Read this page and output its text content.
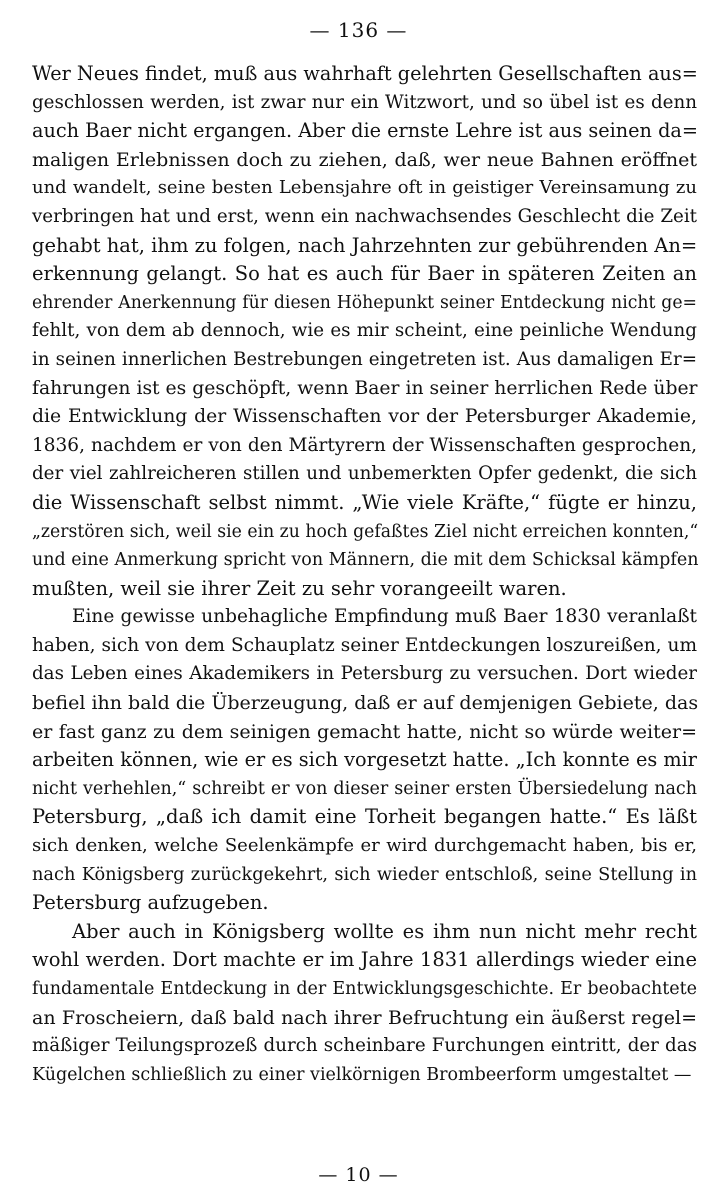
— 136 —
Wer Neues findet, muß aus wahrhaft gelehrten Gesellschaften aus=
geschlossen werden, ist zwar nur ein Witzwort, und so übel ist es denn
auch Baer nicht ergangen. Aber die ernste Lehre ist aus seinen da=
maligen Erlebnissen doch zu ziehen, daß, wer neue Bahnen eröffnet
und wandelt, seine besten Lebensjahre oft in geistiger Vereinsamung zu
verbringen hat und erst, wenn ein nachwachsendes Geschlecht die Zeit
gehabt hat, ihm zu folgen, nach Jahrzehnten zur gebührenden An=
erkennung gelangt. So hat es auch für Baer in späteren Zeiten an
ehrender Anerkennung für diesen Höhepunkt seiner Entdeckung nicht ge=
fehlt, von dem ab dennoch, wie es mir scheint, eine peinliche Wendung
in seinen innerlichen Bestrebungen eingetreten ist. Aus damaligen Er=
fahrungen ist es geschöpft, wenn Baer in seiner herrlichen Rede über
die Entwicklung der Wissenschaften vor der Petersburger Akademie,
1836, nachdem er von den Märtyrern der Wissenschaften gesprochen,
der viel zahlreicheren stillen und unbemerkten Opfer gedenkt, die sich
die Wissenschaft selbst nimmt. „Wie viele Kräfte,“ fügte er hinzu,
„zerstören sich, weil sie ein zu hoch gefaßtes Ziel nicht erreichen konnten,“
und eine Anmerkung spricht von Männern, die mit dem Schicksal kämpfen
mußten, weil sie ihrer Zeit zu sehr vorangeeilt waren.
Eine gewisse unbehagliche Empfindung muß Baer 1830 veranlaßt
haben, sich von dem Schauplatz seiner Entdeckungen loszureißen, um
das Leben eines Akademikers in Petersburg zu versuchen. Dort wieder
befiel ihn bald die Überzeugung, daß er auf demjenigen Gebiete, das
er fast ganz zu dem seinigen gemacht hatte, nicht so würde weiter=
arbeiten können, wie er es sich vorgesetzt hatte. „Ich konnte es mir
nicht verhehlen,“ schreibt er von dieser seiner ersten Übersiedelung nach
Petersburg, „daß ich damit eine Torheit begangen hatte.“ Es läßt
sich denken, welche Seelenkämpfe er wird durchgemacht haben, bis er,
nach Königsberg zurückgekehrt, sich wieder entschloß, seine Stellung in
Petersburg aufzugeben.
Aber auch in Königsberg wollte es ihm nun nicht mehr recht
wohl werden. Dort machte er im Jahre 1831 allerdings wieder eine
fundamentale Entdeckung in der Entwicklungsgeschichte. Er beobachtete
an Froscheiern, daß bald nach ihrer Befruchtung ein äußerst regel=
mäßiger Teilungsprozeß durch scheinbare Furchungen eintritt, der das
Kügelchen schließlich zu einer vielkörnigen Brombeerform umgestaltet —
— 10 —
